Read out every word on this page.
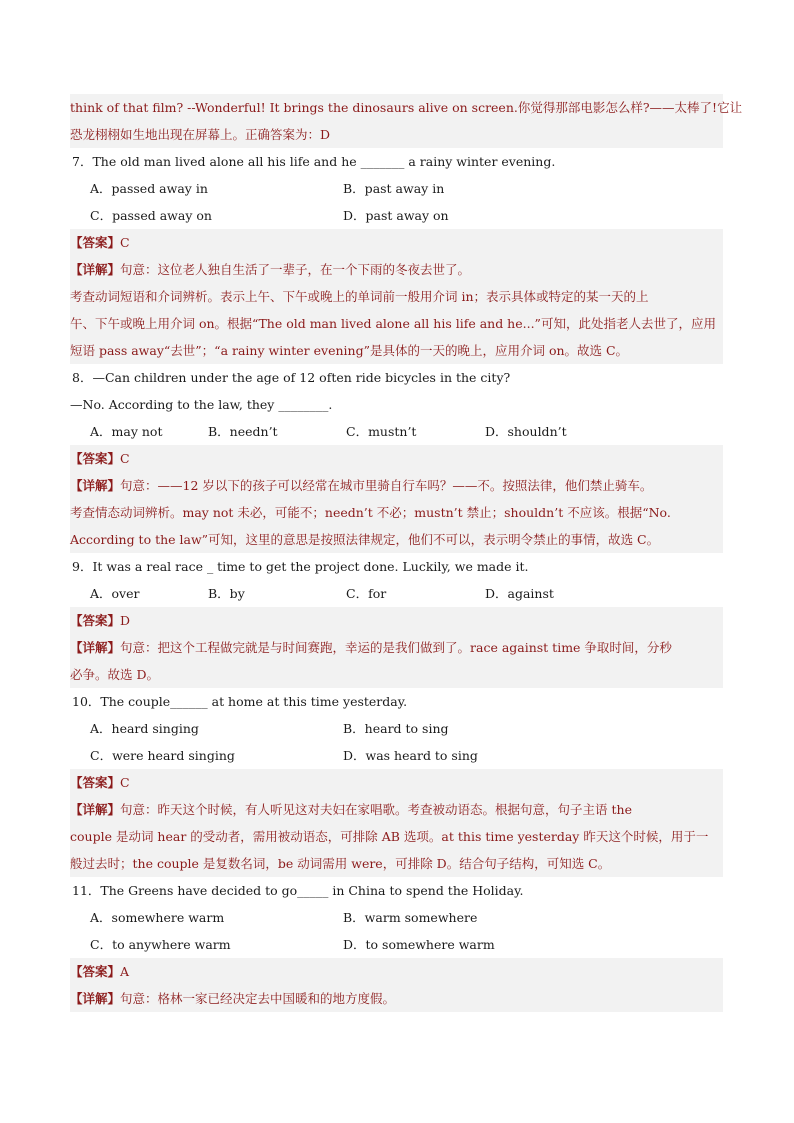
think of that film? --Wonderful! It brings the dinosaurs alive on screen.你觉得那部电影怎么样?——太棒了!它让
恐龙栩栩如生地出现在屏幕上。正确答案为：D
7．The old man lived alone all his life and he _______ a rainy winter evening.
A．passed away in	B．past away in
C．passed away on	D．past away on
【答案】C
【详解】句意：这位老人独自生活了一辈子，在一个下雨的冬夜去世了。
考查动词短语和介词辨析。表示上午、下午或晚上的单词前一般用介词 in；表示具体或特定的某一天的上
午、下午或晚上用介词 on。根据“The old man lived alone all his life and he...”可知，此处指老人去世了，应用
短语 pass away“去世”；“a rainy winter evening”是具体的一天的晚上，应用介词 on。故选 C。
8．—Can children under the age of 12 often ride bicycles in the city?
—No. According to the law, they ________.
A．may not	B．needn’t	C．mustn’t	D．shouldn’t
【答案】C
【详解】句意：——12 岁以下的孩子可以经常在城市里骑自行车吗？——不。按照法律，他们禁止骑车。
考查情态动词辨析。may not 未必，可能不；needn’t 不必；mustn’t 禁止；shouldn’t 不应该。根据“No.
According to the law”可知，这里的意思是按照法律规定，他们不可以，表示明令禁止的事情，故选 C。
9．It was a real race _ time to get the project done. Luckily, we made it.
A．over	B．by	C．for	D．against
【答案】D
【详解】句意：把这个工程做完就是与时间赛跑，幸运的是我们做到了。race against time 争取时间，分秒
必争。故选 D。
10．The couple______ at home at this time yesterday.
A．heard singing	B．heard to sing
C．were heard singing	D．was heard to sing
【答案】C
【详解】句意：昨天这个时候，有人听见这对夫妇在家唱歌。考查被动语态。根据句意，句子主语 the
couple 是动词 hear 的受动者，需用被动语态，可排除 AB 选项。at this time yesterday 昨天这个时候，用于一
般过去时；the couple 是复数名词，be 动词需用 were，可排除 D。结合句子结构，可知选 C。
11．The Greens have decided to go_____ in China to spend the Holiday.
A．somewhere warm	B．warm somewhere
C．to anywhere warm	D．to somewhere warm
【答案】A
【详解】句意：格林一家已经决定去中国暖和的地方度假。
